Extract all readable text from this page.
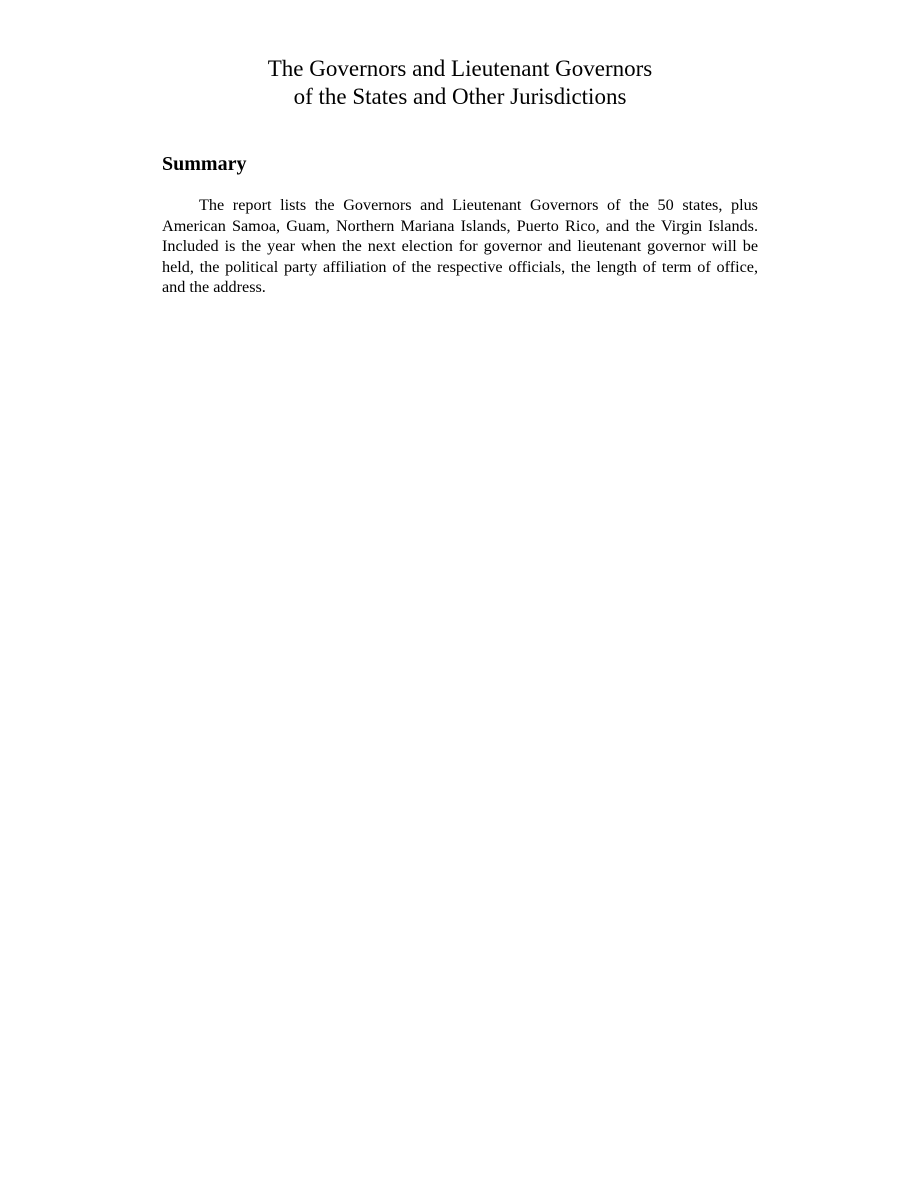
The Governors and Lieutenant Governors
of the States and Other Jurisdictions
Summary

The report lists the Governors and Lieutenant Governors of the 50 states, plus American Samoa, Guam, Northern Mariana Islands, Puerto Rico, and the Virgin Islands. Included is the year when the next election for governor and lieutenant governor will be held, the political party affiliation of the respective officials, the length of term of office, and the address.
